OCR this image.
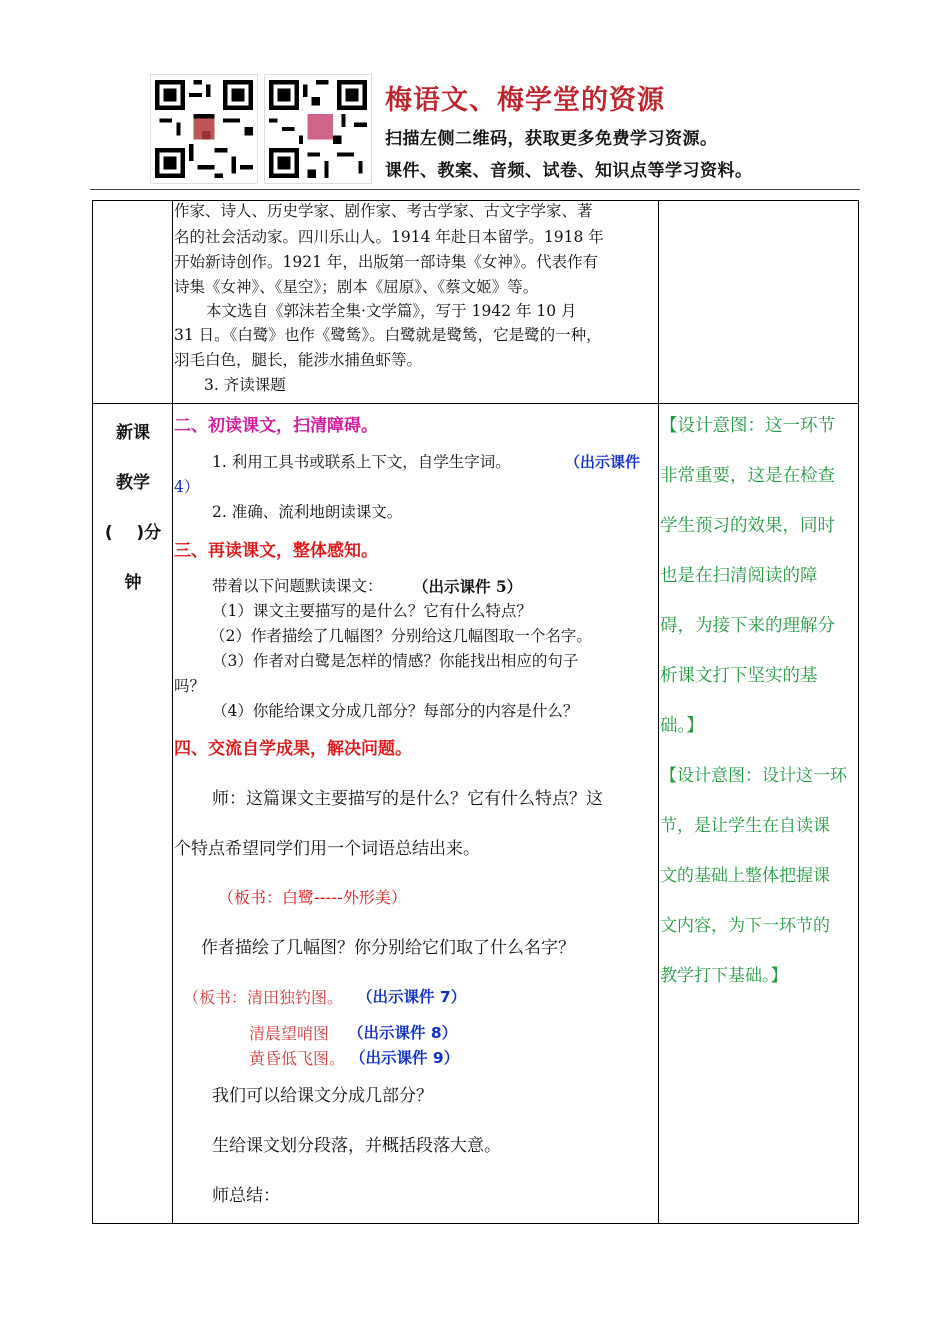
梅语文、梅学堂的资源
扫描左侧二维码，获取更多免费学习资源。
课件、教案、音频、试卷、知识点等学习资料。
作家、诗人、历史学家、剧作家、考古学家、古文字学家、著
名的社会活动家。四川乐山人。1914 年赴日本留学。1918 年
开始新诗创作。1921 年，出版第一部诗集《女神》。代表作有
诗集《女神》、《星空》；剧本《屈原》、《蔡文姬》等。
本文选自《郭沫若全集·文学篇》，写于 1942 年 10 月
31 日。《白鹭》也作《鹭鸶》。白鹭就是鹭鸶，它是鹭的一种，
羽毛白色，腿长，能涉水捕鱼虾等。
3. 齐读课题
新课
教学
(    )分
钟
二、初读课文，扫清障碍。
1. 利用工具书或联系上下文，自学生字词。	（出示课件
4）
2. 准确、流利地朗读课文。
三、再读课文，整体感知。
带着以下问题默读课文： （出示课件 5）
（1）课文主要描写的是什么？它有什么特点？
（2）作者描绘了几幅图？分别给这几幅图取一个名字。
（3）作者对白鹭是怎样的情感？你能找出相应的句子
吗？
（4）你能给课文分成几部分？每部分的内容是什么？
四、交流自学成果，解决问题。
师：这篇课文主要描写的是什么？它有什么特点？这
个特点希望同学们用一个词语总结出来。
（板书：白鹭-----外形美）
作者描绘了几幅图？你分别给它们取了什么名字？
（板书：清田独钓图。 （出示课件 7）
清晨望哨图 （出示课件 8）
黄昏低飞图。 （出示课件 9）
我们可以给课文分成几部分？
生给课文划分段落，并概括段落大意。
师总结：
【设计意图：这一环节
非常重要，这是在检查
学生预习的效果，同时
也是在扫清阅读的障
碍，为接下来的理解分
析课文打下坚实的基
础。】
【设计意图：设计这一环
节，是让学生在自读课
文的基础上整体把握课
文内容，为下一环节的
教学打下基础。】
